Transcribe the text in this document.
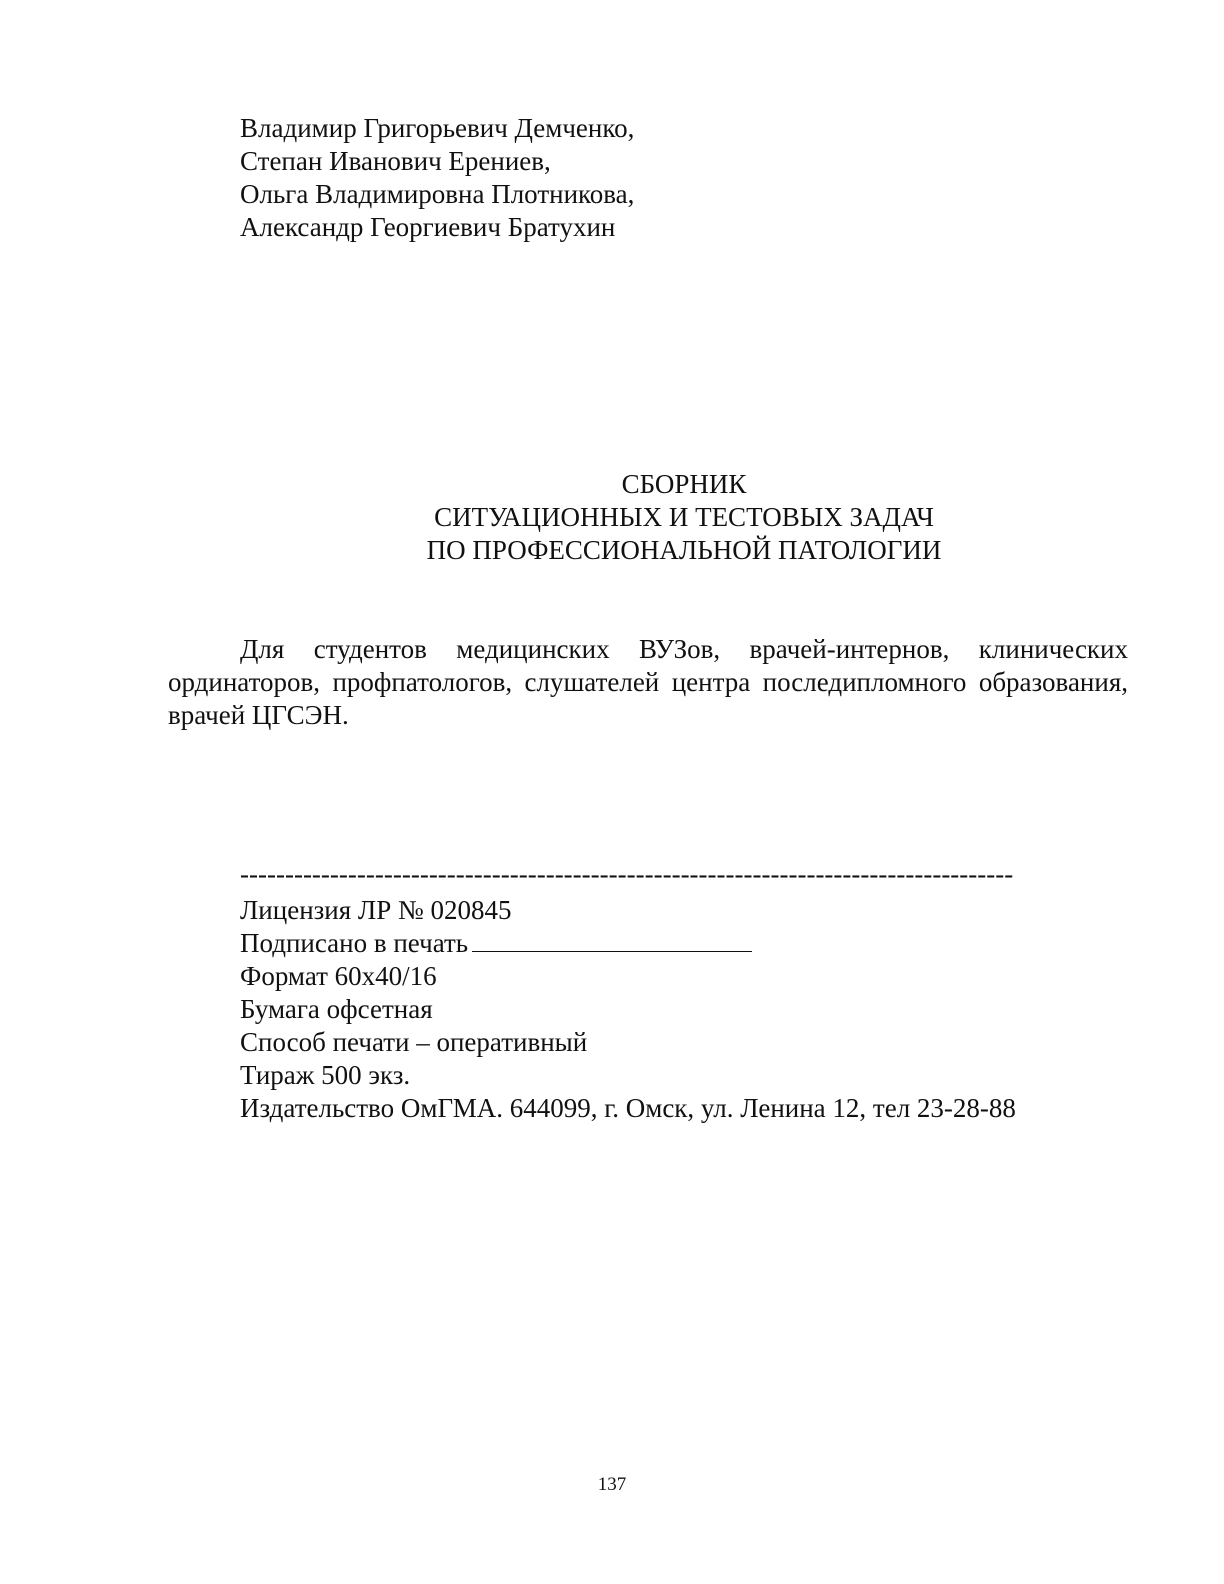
Владимир Григорьевич Демченко,
Степан Иванович Ерениев,
Ольга Владимировна Плотникова,
Александр Георгиевич Братухин
СБОРНИК
СИТУАЦИОННЫХ И ТЕСТОВЫХ ЗАДАЧ
ПО ПРОФЕССИОНАЛЬНОЙ ПАТОЛОГИИ
Для студентов медицинских ВУЗов, врачей-интернов, клинических ординаторов, профпатологов, слушателей центра последипломного образования, врачей ЦГСЭН.
--------------------------------------------------------------------------------------
Лицензия ЛР № 020845
Подписано в печать
Формат 60х40/16
Бумага офсетная
Способ печати – оперативный
Тираж 500 экз.
Издательство ОмГМА. 644099, г. Омск, ул. Ленина 12, тел 23-28-88
137
